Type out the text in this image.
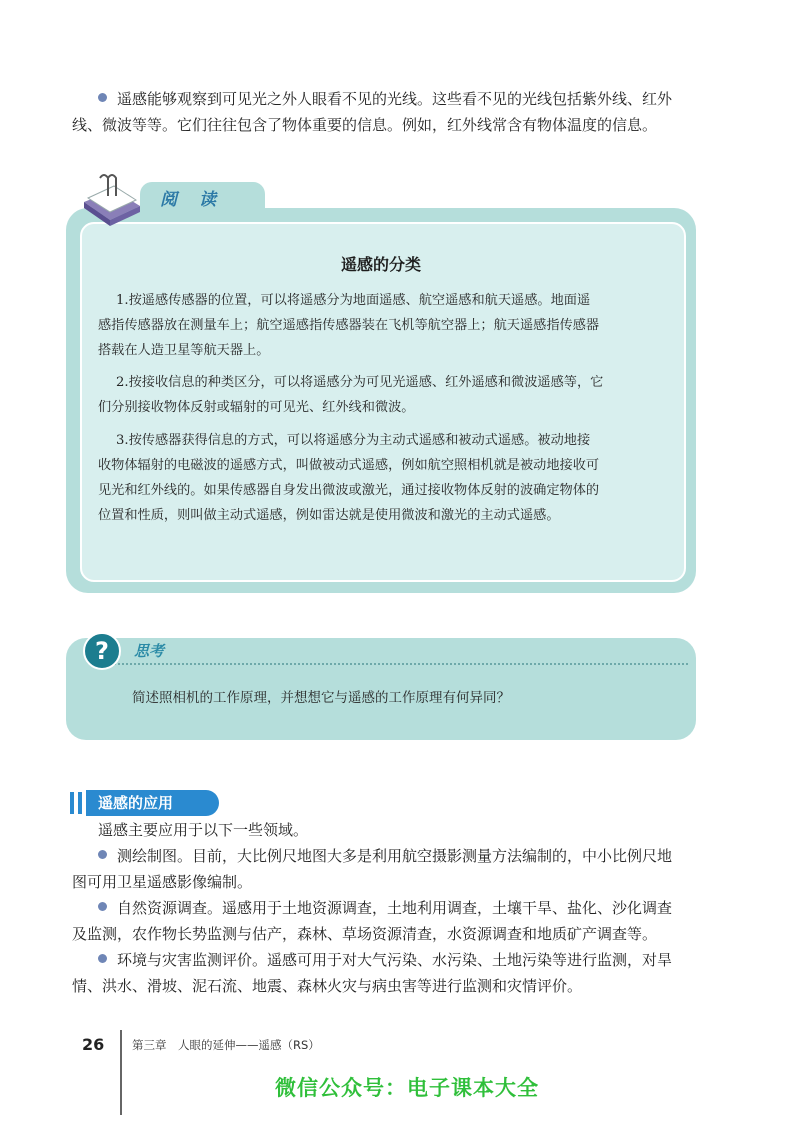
遥感能够观察到可见光之外人眼看不见的光线。这些看不见的光线包括紫外线、红外
线、微波等等。它们往往包含了物体重要的信息。例如，红外线常含有物体温度的信息。
阅读
遥感的分类
1.按遥感传感器的位置，可以将遥感分为地面遥感、航空遥感和航天遥感。地面遥
感指传感器放在测量车上；航空遥感指传感器装在飞机等航空器上；航天遥感指传感器
搭载在人造卫星等航天器上。
2.按接收信息的种类区分，可以将遥感分为可见光遥感、红外遥感和微波遥感等，它
们分别接收物体反射或辐射的可见光、红外线和微波。
3.按传感器获得信息的方式，可以将遥感分为主动式遥感和被动式遥感。被动地接
收物体辐射的电磁波的遥感方式，叫做被动式遥感，例如航空照相机就是被动地接收可
见光和红外线的。如果传感器自身发出微波或激光，通过接收物体反射的波确定物体的
位置和性质，则叫做主动式遥感，例如雷达就是使用微波和激光的主动式遥感。
? 思考
简述照相机的工作原理，并想想它与遥感的工作原理有何异同？
遥感的应用
遥感主要应用于以下一些领域。
测绘制图。目前，大比例尺地图大多是利用航空摄影测量方法编制的，中小比例尺地
图可用卫星遥感影像编制。
自然资源调查。遥感用于土地资源调查，土地利用调查，土壤干旱、盐化、沙化调查
及监测，农作物长势监测与估产，森林、草场资源清查，水资源调查和地质矿产调查等。
环境与灾害监测评价。遥感可用于对大气污染、水污染、土地污染等进行监测，对旱
情、洪水、滑坡、泥石流、地震、森林火灾与病虫害等进行监测和灾情评价。
26 第三章　人眼的延伸——遥感（RS）
微信公众号：电子课本大全
